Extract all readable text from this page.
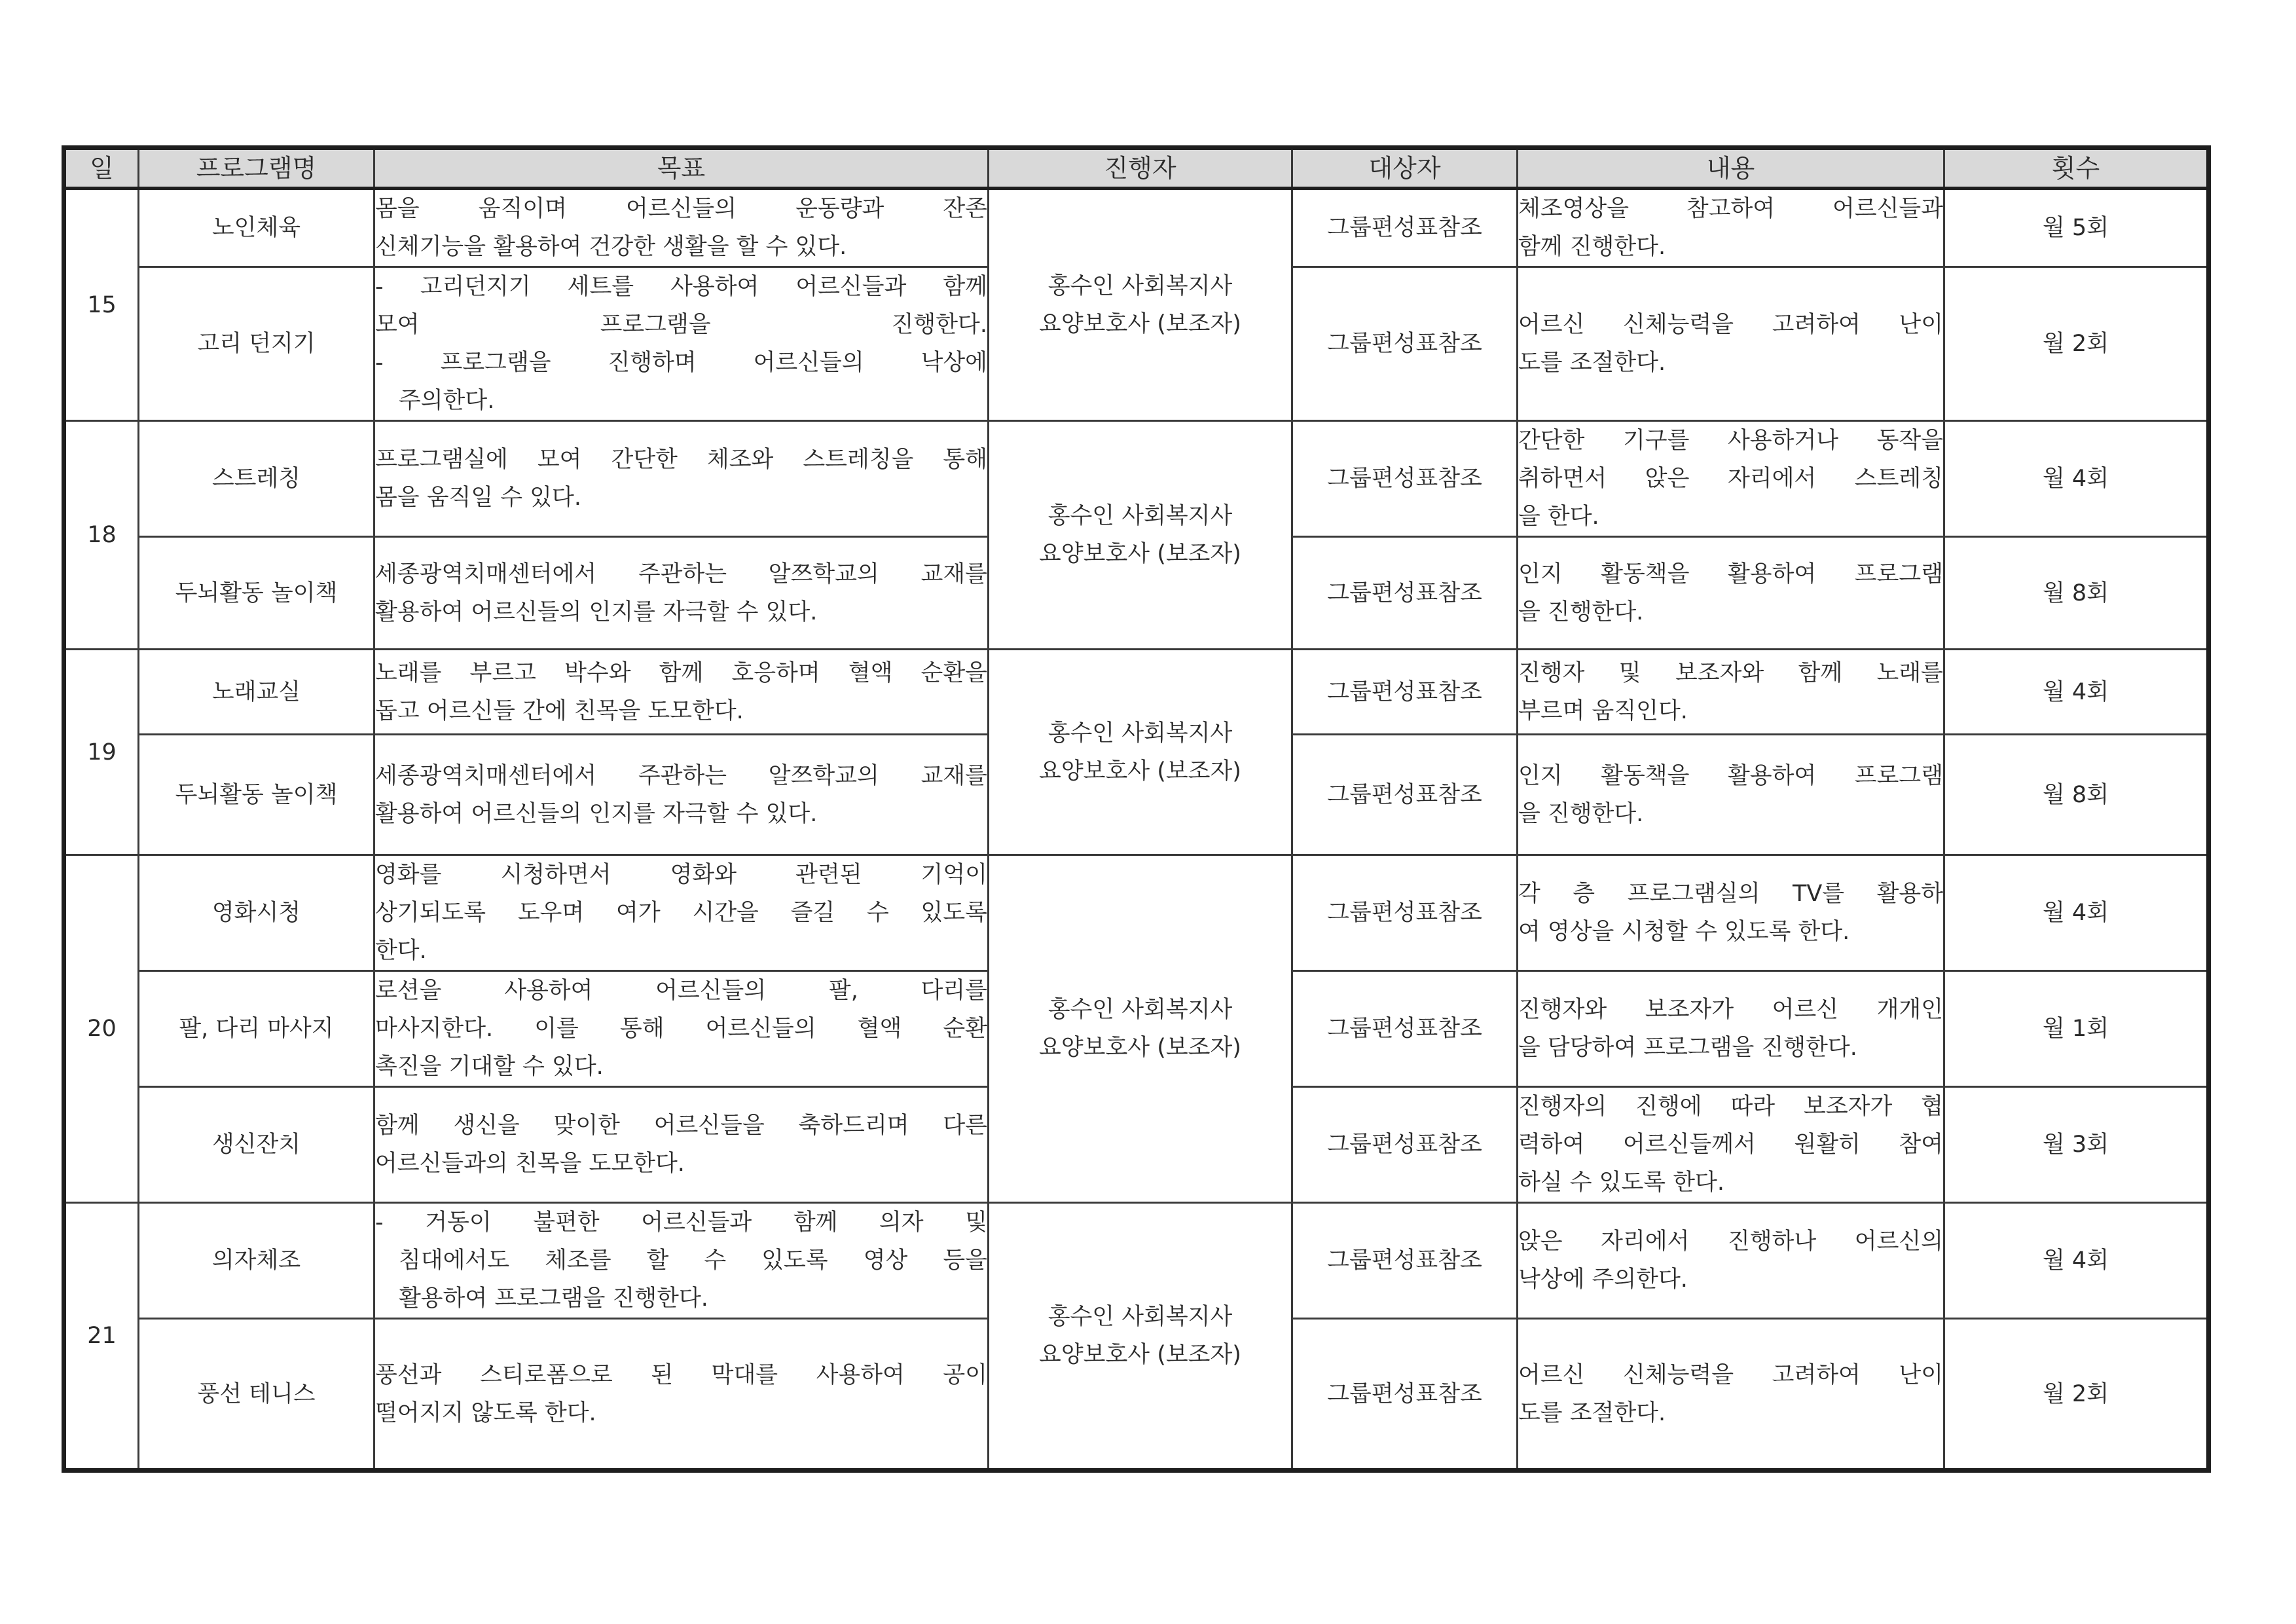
일	프로그램명	목표	진행자	대상자	내용	횟수
15	노인체육	몸을 움직이며 어르신들의 운동량과 잔존
신체기능을 활용하여 건강한 생활을 할 수 있다.	홍수인 사회복지사
요양보호사 (보조자)	그룹편성표참조	체조영상을 참고하여 어르신들과
함께 진행한다.	월 5회
	고리 던지기	- 고리던지기 세트를 사용하여 어르신들과 함께
모여 프로그램을 진행한다.
- 프로그램을 진행하며 어르신들의 낙상에
주의한다.		그룹편성표참조	어르신 신체능력을 고려하여 난이
도를 조절한다.	월 2회
18	스트레칭	프로그램실에 모여 간단한 체조와 스트레칭을 통해
몸을 움직일 수 있다.	홍수인 사회복지사
요양보호사 (보조자)	그룹편성표참조	간단한 기구를 사용하거나 동작을
취하면서 앉은 자리에서 스트레칭
을 한다.	월 4회
	두뇌활동 놀이책	세종광역치매센터에서 주관하는 알쯔학교의 교재를
활용하여 어르신들의 인지를 자극할 수 있다.		그룹편성표참조	인지 활동책을 활용하여 프로그램
을 진행한다.	월 8회
19	노래교실	노래를 부르고 박수와 함께 호응하며 혈액 순환을
돕고 어르신들 간에 친목을 도모한다.	홍수인 사회복지사
요양보호사 (보조자)	그룹편성표참조	진행자 및 보조자와 함께 노래를
부르며 움직인다.	월 4회
	두뇌활동 놀이책	세종광역치매센터에서 주관하는 알쯔학교의 교재를
활용하여 어르신들의 인지를 자극할 수 있다.		그룹편성표참조	인지 활동책을 활용하여 프로그램
을 진행한다.	월 8회
20	영화시청	영화를 시청하면서 영화와 관련된 기억이
상기되도록 도우며 여가 시간을 즐길 수 있도록
한다.	홍수인 사회복지사
요양보호사 (보조자)	그룹편성표참조	각 층 프로그램실의 TV를 활용하
여 영상을 시청할 수 있도록 한다.	월 4회
	팔, 다리 마사지	로션을 사용하여 어르신들의 팔, 다리를
마사지한다. 이를 통해 어르신들의 혈액 순환
촉진을 기대할 수 있다.		그룹편성표참조	진행자와 보조자가 어르신 개개인
을 담당하여 프로그램을 진행한다.	월 1회
	생신잔치	함께 생신을 맞이한 어르신들을 축하드리며 다른
어르신들과의 친목을 도모한다.		그룹편성표참조	진행자의 진행에 따라 보조자가 협
력하여 어르신들께서 원활히 참여
하실 수 있도록 한다.	월 3회
21	의자체조	- 거동이 불편한 어르신들과 함께 의자 및
침대에서도 체조를 할 수 있도록 영상 등을
활용하여 프로그램을 진행한다.	홍수인 사회복지사
요양보호사 (보조자)	그룹편성표참조	앉은 자리에서 진행하나 어르신의
낙상에 주의한다.	월 4회
	풍선 테니스	풍선과 스티로폼으로 된 막대를 사용하여 공이
떨어지지 않도록 한다.		그룹편성표참조	어르신 신체능력을 고려하여 난이
도를 조절한다.	월 2회
